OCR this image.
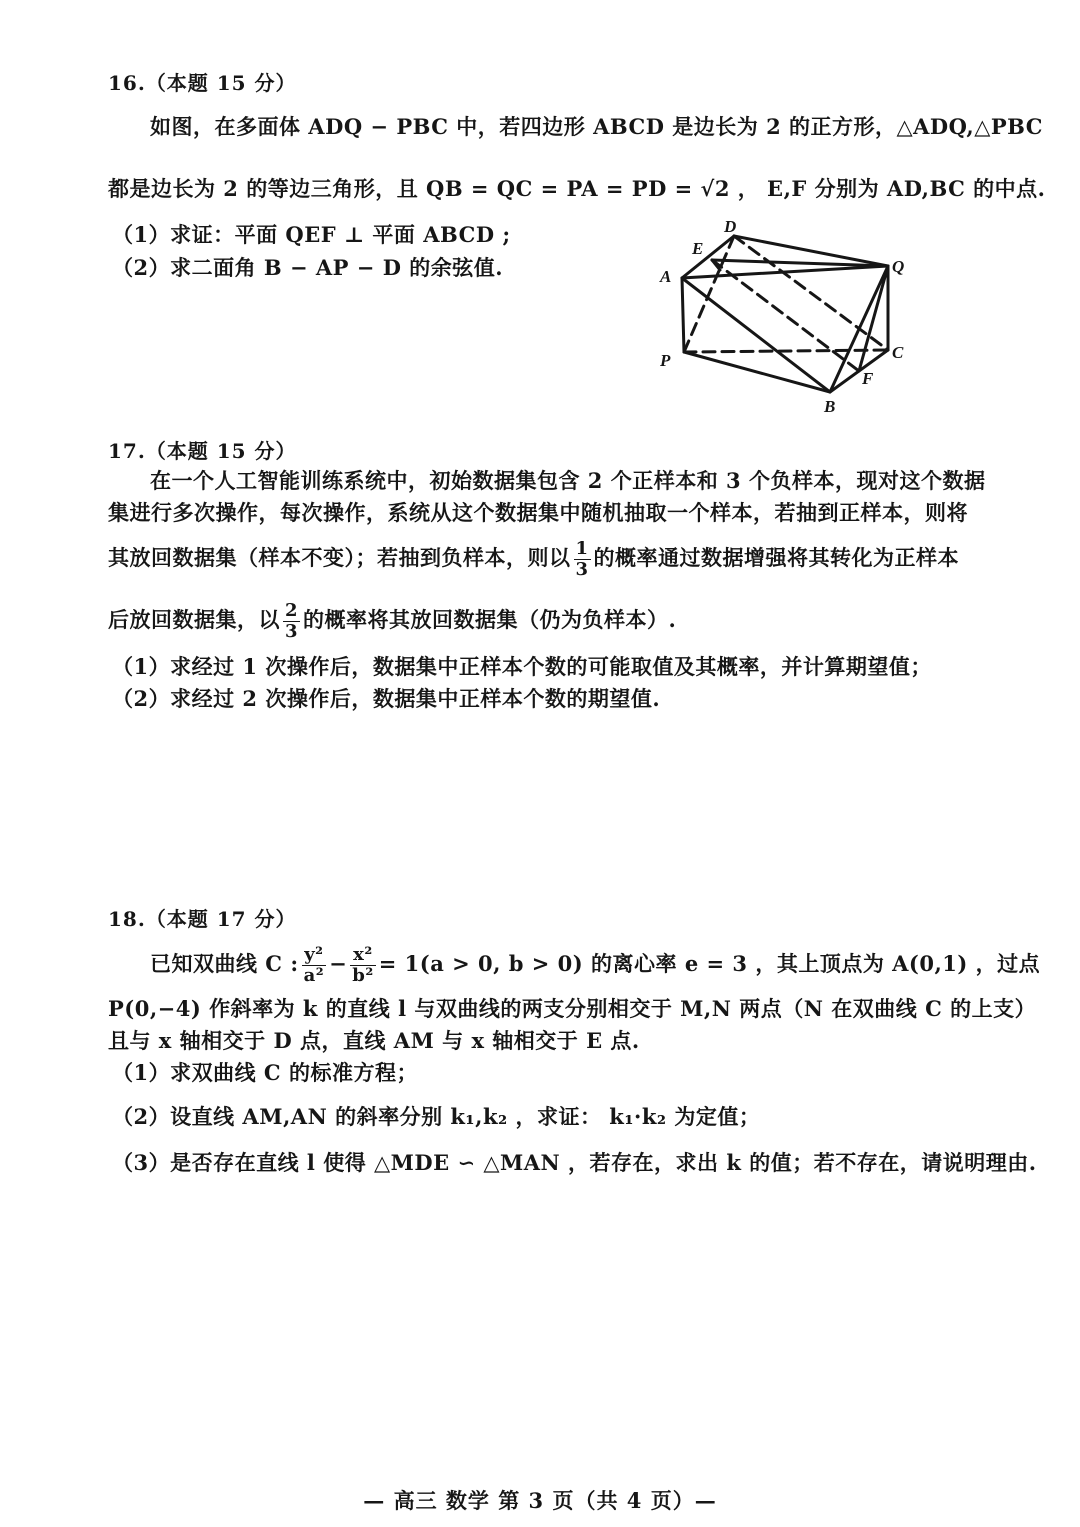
16.（本题 15 分）
如图，在多面体 ADQ − PBC 中，若四边形 ABCD 是边长为 2 的正方形，△ADQ,△PBC
都是边长为 2 的等边三角形，且 QB = QC = PA = PD = √2 ， E,F 分别为 AD,BC 的中点.
（1）求证：平面 QEF ⊥ 平面 ABCD ;
（2）求二面角 B − AP − D 的余弦值.
D
E
A
Q
P	C
F
B
17.（本题 15 分）
在一个人工智能训练系统中，初始数据集包含 2 个正样本和 3 个负样本，现对这个数据
集进行多次操作，每次操作，系统从这个数据集中随机抽取一个样本，若抽到正样本，则将
其放回数据集（样本不变）；若抽到负样本，则以 $\frac{1}{3}$ 的概率通过数据增强将其转化为正样本
后放回数据集，以 $\frac{2}{3}$ 的概率将其放回数据集（仍为负样本）.
（1）求经过 1 次操作后，数据集中正样本个数的可能取值及其概率，并计算期望值；
（2）求经过 2 次操作后，数据集中正样本个数的期望值.
18.（本题 17 分）
已知双曲线 C : $\frac{\text{y²}}{\text{a²}} - \frac{\text{x²}}{\text{b²}} = 1(a > 0$, b > 0) 的离心率 e = 3 ，其上顶点为 A(0,1) ，过点
P(0,−4) 作斜率为 k 的直线 l 与双曲线的两支分别相交于 M,N 两点（N 在双曲线 C 的上支）
且与 x 轴相交于 D 点，直线 AM 与 x 轴相交于 E 点.
（1）求双曲线 C 的标准方程；
（2）设直线 AM,AN 的斜率分别 k₁,k₂ ，求证： k₁·k₂ 为定值；
（3）是否存在直线 l 使得 △MDE ∽ △MAN ，若存在，求出 k 的值；若不存在，请说明理由.
— 高三 数学 第 3 页（共 4 页）—
